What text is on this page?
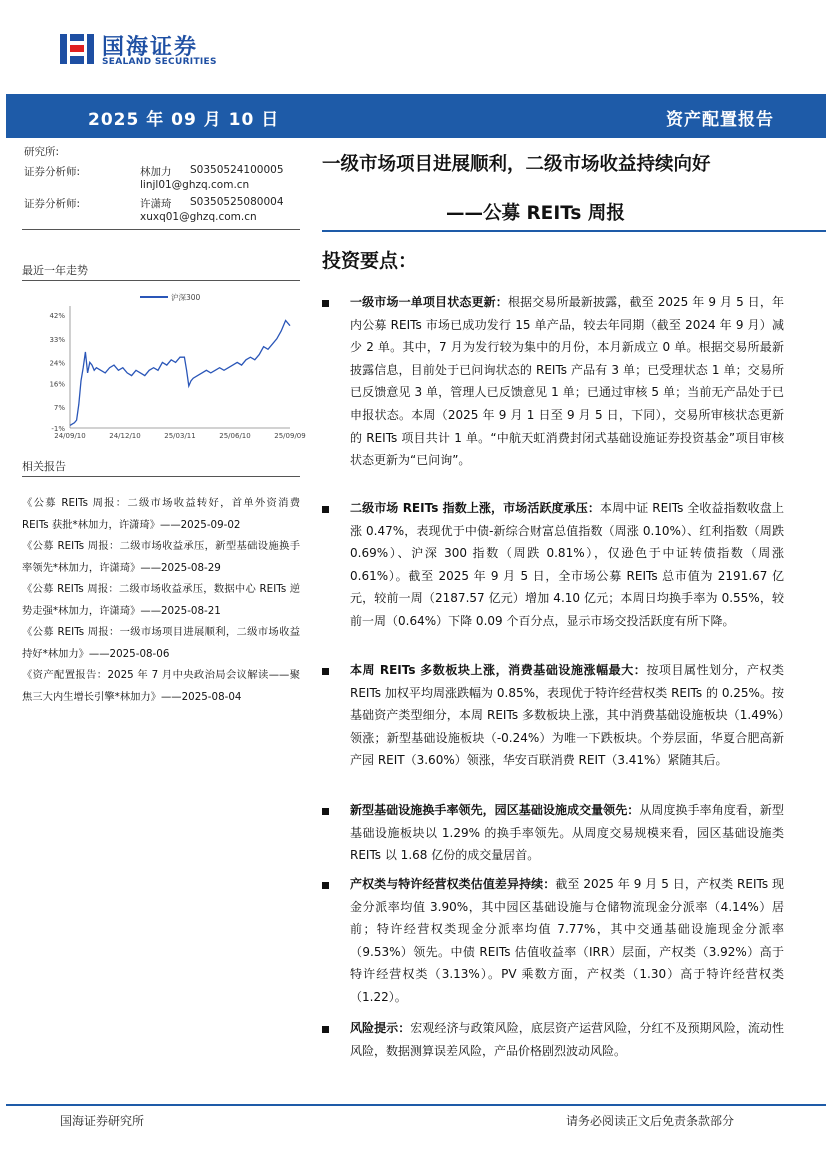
国海证券
SEALAND SECURITIES
2025 年 09 月 10 日	资产配置报告
研究所:
证券分析师:	林加力 S0350524100005
linjl01@ghzq.com.cn
证券分析师:	许潇琦 S0350525080004
xuxq01@ghzq.com.cn
一级市场项目进展顺利，二级市场收益持续向好
——公募 REITs 周报
最近一年走势
42%
33%
24%
16%
7%
-1%
24/09/10	24/12/10	25/03/11	25/06/10	25/09/09
沪深300
相关报告

《公募 REITs 周报：二级市场收益转好，首单外资消费 REITs 获批*林加力，许潇琦》——2025-09-02

《公募 REITs 周报：二级市场收益承压，新型基础设施换手率领先*林加力，许潇琦》——2025-08-29

《公募 REITs 周报：二级市场收益承压，数据中心 REITs 逆势走强*林加力，许潇琦》——2025-08-21

《公募 REITs 周报：一级市场项目进展顺利，二级市场收益持好*林加力》——2025-08-06

《资产配置报告：2025 年 7 月中央政治局会议解读——聚焦三大内生增长引擎*林加力》——2025-08-04

投资要点：
一级市场一单项目状态更新：根据交易所最新披露，截至 2025 年 9 月 5 日，年内公募 REITs 市场已成功发行 15 单产品，较去年同期（截至 2024 年 9 月）减少 2 单。其中，7 月为发行较为集中的月份，本月新成立 0 单。根据交易所最新披露信息，目前处于已问询状态的 REITs 产品有 3 单；已受理状态 1 单；交易所已反馈意见 3 单，管理人已反馈意见 1 单；已通过审核 5 单；当前无产品处于已申报状态。本周（2025 年 9 月 1 日至 9 月 5 日，下同），交易所审核状态更新的 REITs 项目共计 1 单。“中航天虹消费封闭式基础设施证券投资基金”项目审核状态更新为“已问询”。
二级市场 REITs 指数上涨，市场活跃度承压：本周中证 REITs 全收益指数收盘上涨 0.47%，表现优于中债-新综合财富总值指数（周涨 0.10%）、红利指数（周跌 0.69%）、沪深 300 指数（周跌 0.81%），仅逊色于中证转债指数（周涨 0.61%）。截至 2025 年 9 月 5 日，全市场公募 REITs 总市值为 2191.67 亿元，较前一周（2187.57 亿元）增加 4.10 亿元；本周日均换手率为 0.55%，较前一周（0.64%）下降 0.09 个百分点，显示市场交投活跃度有所下降。
本周 REITs 多数板块上涨，消费基础设施涨幅最大：按项目属性划分，产权类 REITs 加权平均周涨跌幅为 0.85%，表现优于特许经营权类 REITs 的 0.25%。按基础资产类型细分，本周 REITs 多数板块上涨，其中消费基础设施板块（1.49%）领涨；新型基础设施板块（-0.24%）为唯一下跌板块。个券层面，华夏合肥高新产园 REIT（3.60%）领涨，华安百联消费 REIT（3.41%）紧随其后。
新型基础设施换手率领先，园区基础设施成交量领先：从周度换手率角度看，新型基础设施板块以 1.29% 的换手率领先。从周度交易规模来看，园区基础设施类 REITs 以 1.68 亿份的成交量居首。
产权类与特许经营权类估值差异持续：截至 2025 年 9 月 5 日，产权类 REITs 现金分派率均值 3.90%，其中园区基础设施与仓储物流现金分派率（4.14%）居前；特许经营权类现金分派率均值 7.77%，其中交通基础设施现金分派率（9.53%）领先。中债 REITs 估值收益率（IRR）层面，产权类（3.92%）高于特许经营权类（3.13%）。PV 乘数方面，产权类（1.30）高于特许经营权类（1.22）。
风险提示：宏观经济与政策风险，底层资产运营风险，分红不及预期风险，流动性风险，数据测算误差风险，产品价格剧烈波动风险。
国海证券研究所	请务必阅读正文后免责条款部分
